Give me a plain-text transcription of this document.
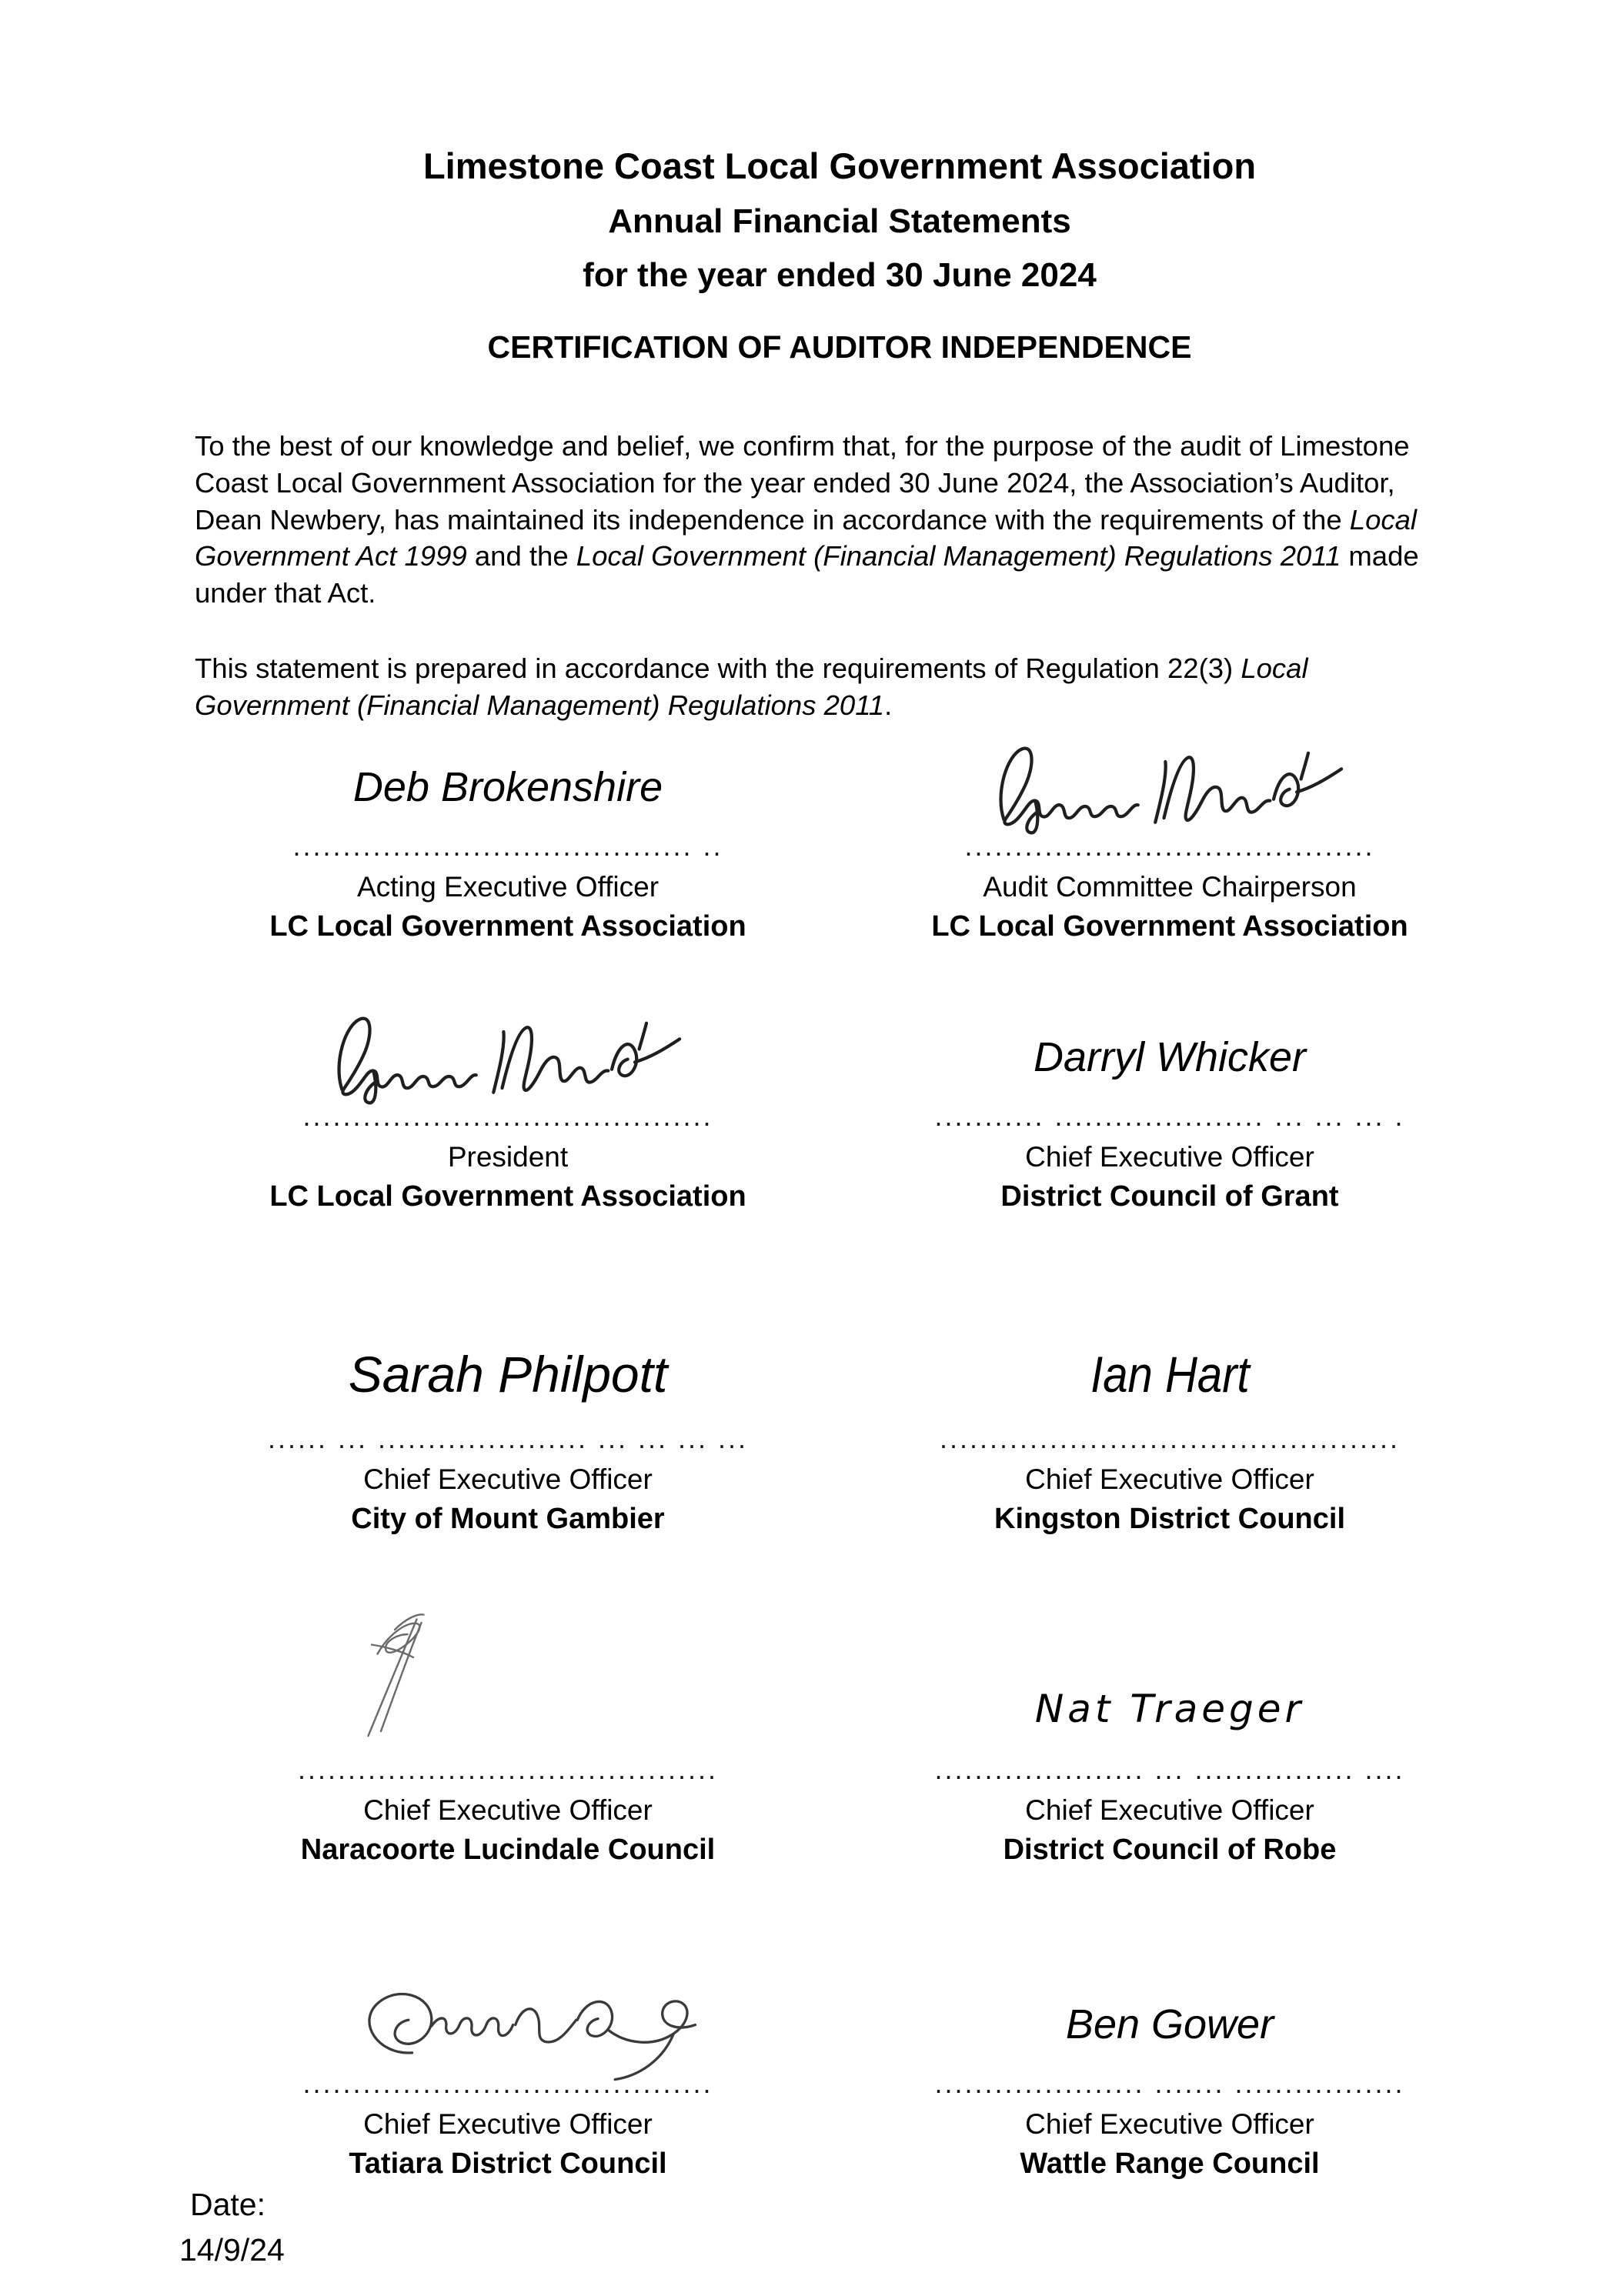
Limestone Coast Local Government Association
Annual Financial Statements
for the year ended 30 June 2024
CERTIFICATION OF AUDITOR INDEPENDENCE

To the best of our knowledge and belief, we confirm that, for the purpose of the audit of Limestone Coast Local Government Association for the year ended 30 June 2024, the Association’s Auditor, Dean Newbery, has maintained its independence in accordance with the requirements of the Local Government Act 1999 and the Local Government (Financial Management) Regulations 2011 made under that Act.

This statement is prepared in accordance with the requirements of Regulation 22(3) Local Government (Financial Management) Regulations 2011.

Deb Brokenshire
........................................ ..
Acting Executive Officer
LC Local Government Association
.........................................
Audit Committee Chairperson
LC Local Government Association
.........................................
President
LC Local Government Association
Darryl Whicker
........... ..................... ... ... ... .
Chief Executive Officer
District Council of Grant
Sarah Philpott
...... ... ..................... ... ... ... ...
Chief Executive Officer
City of Mount Gambier
Ian Hart
..............................................
Chief Executive Officer
Kingston District Council
..........................................
Chief Executive Officer
Naracoorte Lucindale Council
Nat Traeger
..................... ... ................ ....
Chief Executive Officer
District Council of Robe
.........................................
Chief Executive Officer
Tatiara District Council
Ben Gower
..................... ....... .................
Chief Executive Officer
Wattle Range Council
Date:
14/9/24
